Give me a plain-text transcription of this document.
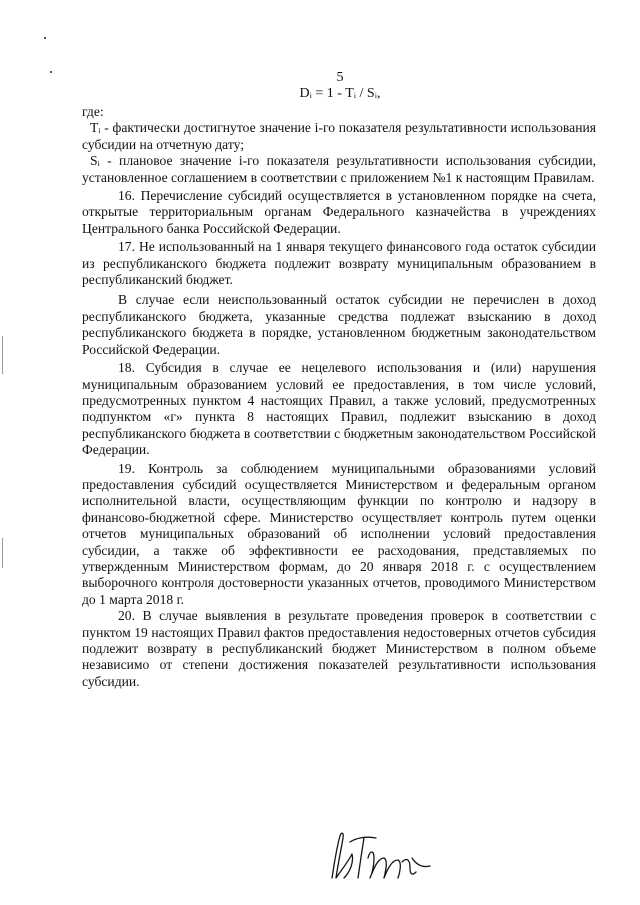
5
Dᵢ = 1 - Tᵢ / Sᵢ,

где:

Tᵢ - фактически достигнутое значение i-го показателя результативности использования субсидии на отчетную дату;

Sᵢ - плановое значение i-го показателя результативности использования субсидии, установленное соглашением в соответствии с приложением №1 к настоящим Правилам.

16. Перечисление субсидий осуществляется в установленном порядке на счета, открытые территориальным органам Федерального казначейства в учреждениях Центрального банка Российской Федерации.

17. Не использованный на 1 января текущего финансового года остаток субсидии из республиканского бюджета подлежит возврату муниципальным образованием в республиканский бюджет.

В случае если неиспользованный остаток субсидии не перечислен в доход республиканского бюджета, указанные средства подлежат взысканию в доход республиканского бюджета в порядке, установленном бюджетным законодательством Российской Федерации.

18. Субсидия в случае ее нецелевого использования и (или) нарушения муниципальным образованием условий ее предоставления, в том числе условий, предусмотренных пунктом 4 настоящих Правил, а также условий, предусмотренных подпунктом «г» пункта 8 настоящих Правил, подлежит взысканию в доход республиканского бюджета в соответствии с бюджетным законодательством Российской Федерации.

19. Контроль за соблюдением муниципальными образованиями условий предоставления субсидий осуществляется Министерством и федеральным органом исполнительной власти, осуществляющим функции по контролю и надзору в финансово-бюджетной сфере. Министерство осуществляет контроль путем оценки отчетов муниципальных образований об исполнении условий предоставления субсидии, а также об эффективности ее расходования, представляемых по утвержденным Министерством формам, до 20 января 2018 г. с осуществлением выборочного контроля достоверности указанных отчетов, проводимого Министерством до 1 марта 2018 г.

20. В случае выявления в результате проведения проверок в соответствии с пунктом 19 настоящих Правил фактов предоставления недостоверных отчетов субсидия подлежит возврату в республиканский бюджет Министерством в полном объеме независимо от степени достижения показателей результативности использования субсидии.
